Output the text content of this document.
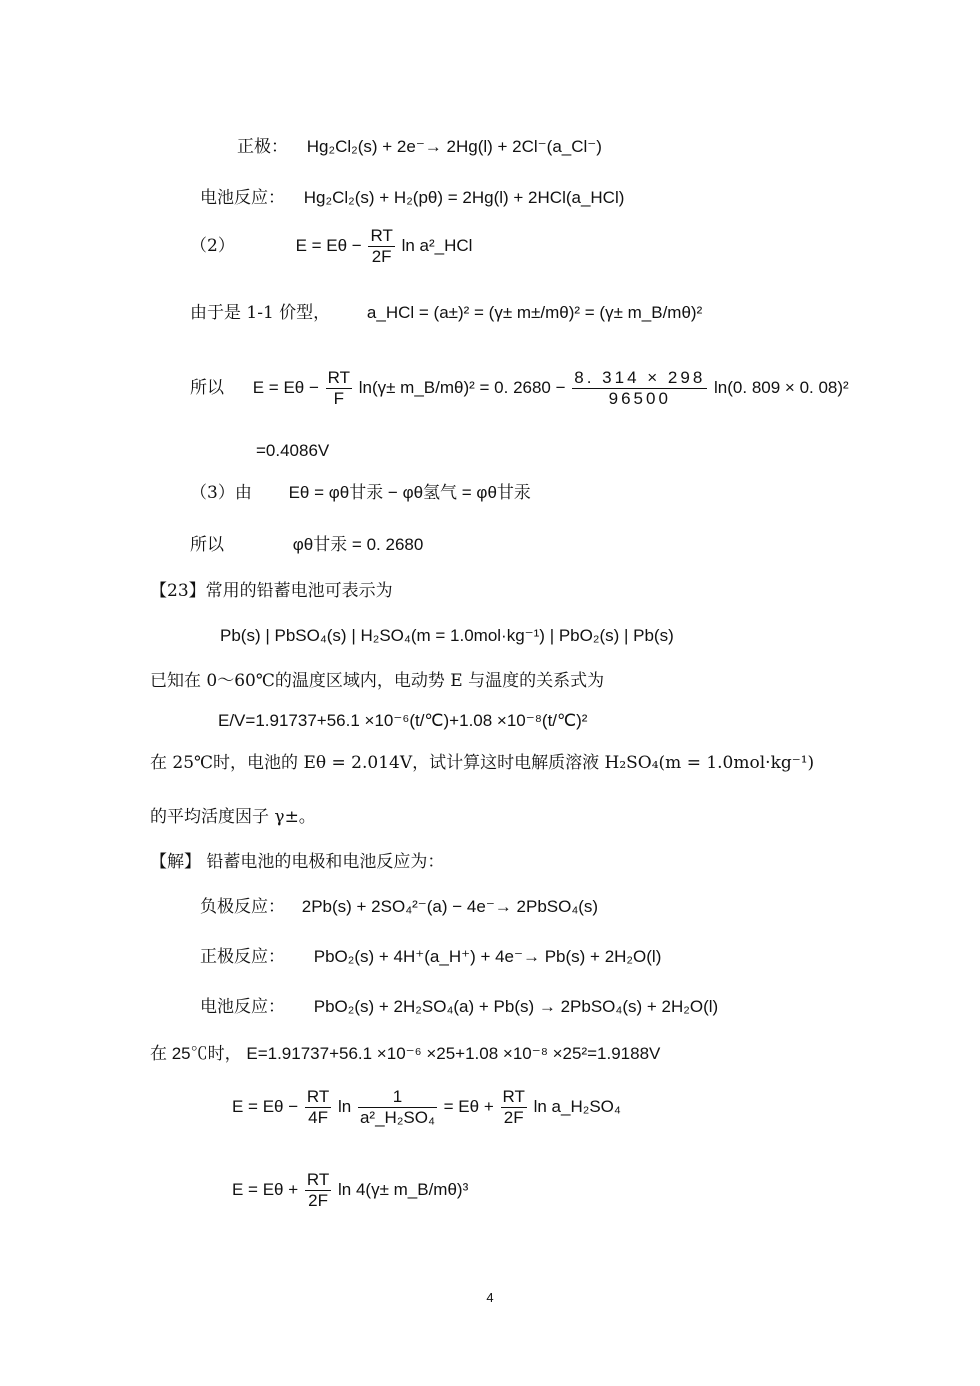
正极： Hg₂Cl₂(s) + 2e⁻→ 2Hg(l) + 2Cl⁻(a_Cl⁻)
电池反应： Hg₂Cl₂(s) + H₂(pθ) = 2Hg(l) + 2HCl(a_HCl)
（2）	$E = E\theta - \frac{RT}{2F}$ ln a²_HCl
由于是 1-1 价型， a_HCl = (a±)² = (γ± m±/mθ)² = (γ± m_B/mθ)²
所以 $E = E\theta - \frac{RT}{F} \ln(\gamma\pm$ m_B/mθ)² = 0. $2680 - \frac{8. 314 \times 298}{96500} \ln(0$. 809 × 0. 08)²
=0.4086V
（3）由 Eθ = φθ甘汞 − φθ氢气 = φθ甘汞
所以	φθ甘汞 = 0. 2680
【23】常用的铅蓄电池可表示为
Pb(s) | PbSO₄(s) | H₂SO₄(m = 1.0mol·kg⁻¹) | PbO₂(s) | Pb(s)
已知在 0～60℃的温度区域内，电动势 E 与温度的关系式为
E/V=1.91737+56.1 ×10⁻⁶(t/℃)+1.08 ×10⁻⁸(t/℃)²
在 25℃时，电池的 Eθ = 2.014V，试计算这时电解质溶液 H₂SO₄(m = 1.0mol·kg⁻¹)
的平均活度因子 γ±。
【解】 铅蓄电池的电极和电池反应为：
负极反应： 2Pb(s) + 2SO₄²⁻(a) − 4e⁻→ 2PbSO₄(s)
正极反应： PbO₂(s) + 4H⁺(a_H⁺) + 4e⁻→ Pb(s) + 2H₂O(l)
电池反应： PbO₂(s) + 2H₂SO₄(a) + Pb(s) → 2PbSO₄(s) + 2H₂O(l)
在 25℃时， E=1.91737+56.1 ×10⁻⁶ ×25+1.08 ×10⁻⁸ ×25²=1.9188V
$E = E\theta - \frac{RT}{4F}$ $\ln \frac{1}{\text{a²\_H₂SO₄}} = E\theta + \frac{RT}{2F}$ ln a_H₂SO₄
$E = E\theta + \frac{RT}{2F}$ ln 4(γ± m_B/mθ)³
4
